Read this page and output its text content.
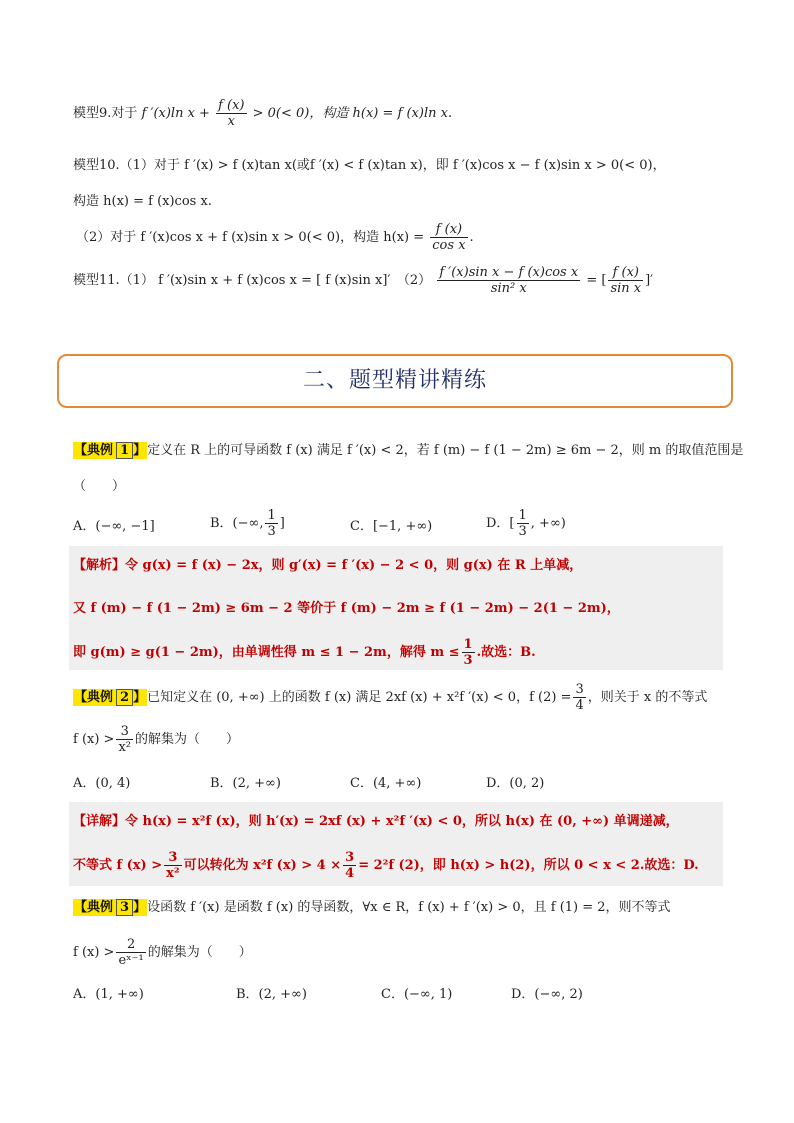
模型9.对于 f ′(x)ln $x + \frac{f (x)}{x} > 0(< 0)$，构造 h(x) = f (x)ln x.
模型10.（1）对于 f ′(x) > f (x)tan x(或f ′(x) < f (x)tan x)，即 f ′(x)cos x − f (x)sin x > 0(< 0)，
构造 h(x) = f (x)cos x.
（2）对于 f ′(x)cos x + f (x)sin x > 0(< 0)，构造 $h(x) = \frac{f (x)}{\text{cos x}}$ .
模型11.（1） f ′(x)sin x + f (x)cos x = [ f (x)sin x]′　$(2) \frac{\text{f ′(x)sin x − f (x)cos x}}{\text{sin² x}}$ = [ $\frac{f (x)}{\text{sin x}}$ ]′
二、题型精讲精练
【典例 1 】定义在 R 上的可导函数 f (x) 满足 f ′(x) < 2，若 f (m) − f (1 − 2m) ≥ 6m − 2，则 m 的取值范围是
（　　）
A．(−∞, −1]	B．(−∞, $\frac{1}{3}$ ]	C．[−1, +∞)	D．[ $\frac{1}{3}$ , +∞)
【解析】令 g(x) = f (x) − 2x，则 g′(x) = f ′(x) − 2 < 0，则 g(x) 在 R 上单减，
又 f (m) − f (1 − 2m) ≥ 6m − 2 等价于 f (m) − 2m ≥ f (1 − 2m) − 2(1 − 2m)，
即 g(m) ≥ g(1 − 2m)，由单调性得 m ≤ 1 − 2m，解得 $m \le \frac{1}{3}$ .故选：B.
【典例 2 】已知定义在 (0, +∞) 上的函数 f (x) 满足 2xf (x) + x²f ′(x) < 0，f $(2) = \frac{3}{4}$ ，则关于 x 的不等式
f $(x) > \frac{3}{\text{x²}}$ 的解集为（　　）
A．(0, 4)	B．(2, +∞)	C．(4, +∞)	D．(0, 2)
【详解】令 h(x) = x²f (x)，则 h′(x) = 2xf (x) + x²f ′(x) < 0，所以 h(x) 在 (0, +∞) 单调递减，
不等式 f $(x) > \frac{3}{\text{x²}}$ 可以转化为 x²f $(x) > 4 \times \frac{3}{4} = 2^2f$ (2)，即 h(x) > h(2)，所以 0 < x < 2.故选：D.
【典例 3 】设函数 f ′(x) 是函数 f (x) 的导函数，∀x ∈ R，f (x) + f ′(x) > 0，且 f (1) = 2，则不等式
f $(x) > \frac{2}{\text{eˣ⁻¹}}$ 的解集为（　　）
A．(1, +∞)	B．(2, +∞)	C．(−∞, 1)	D．(−∞, 2)
